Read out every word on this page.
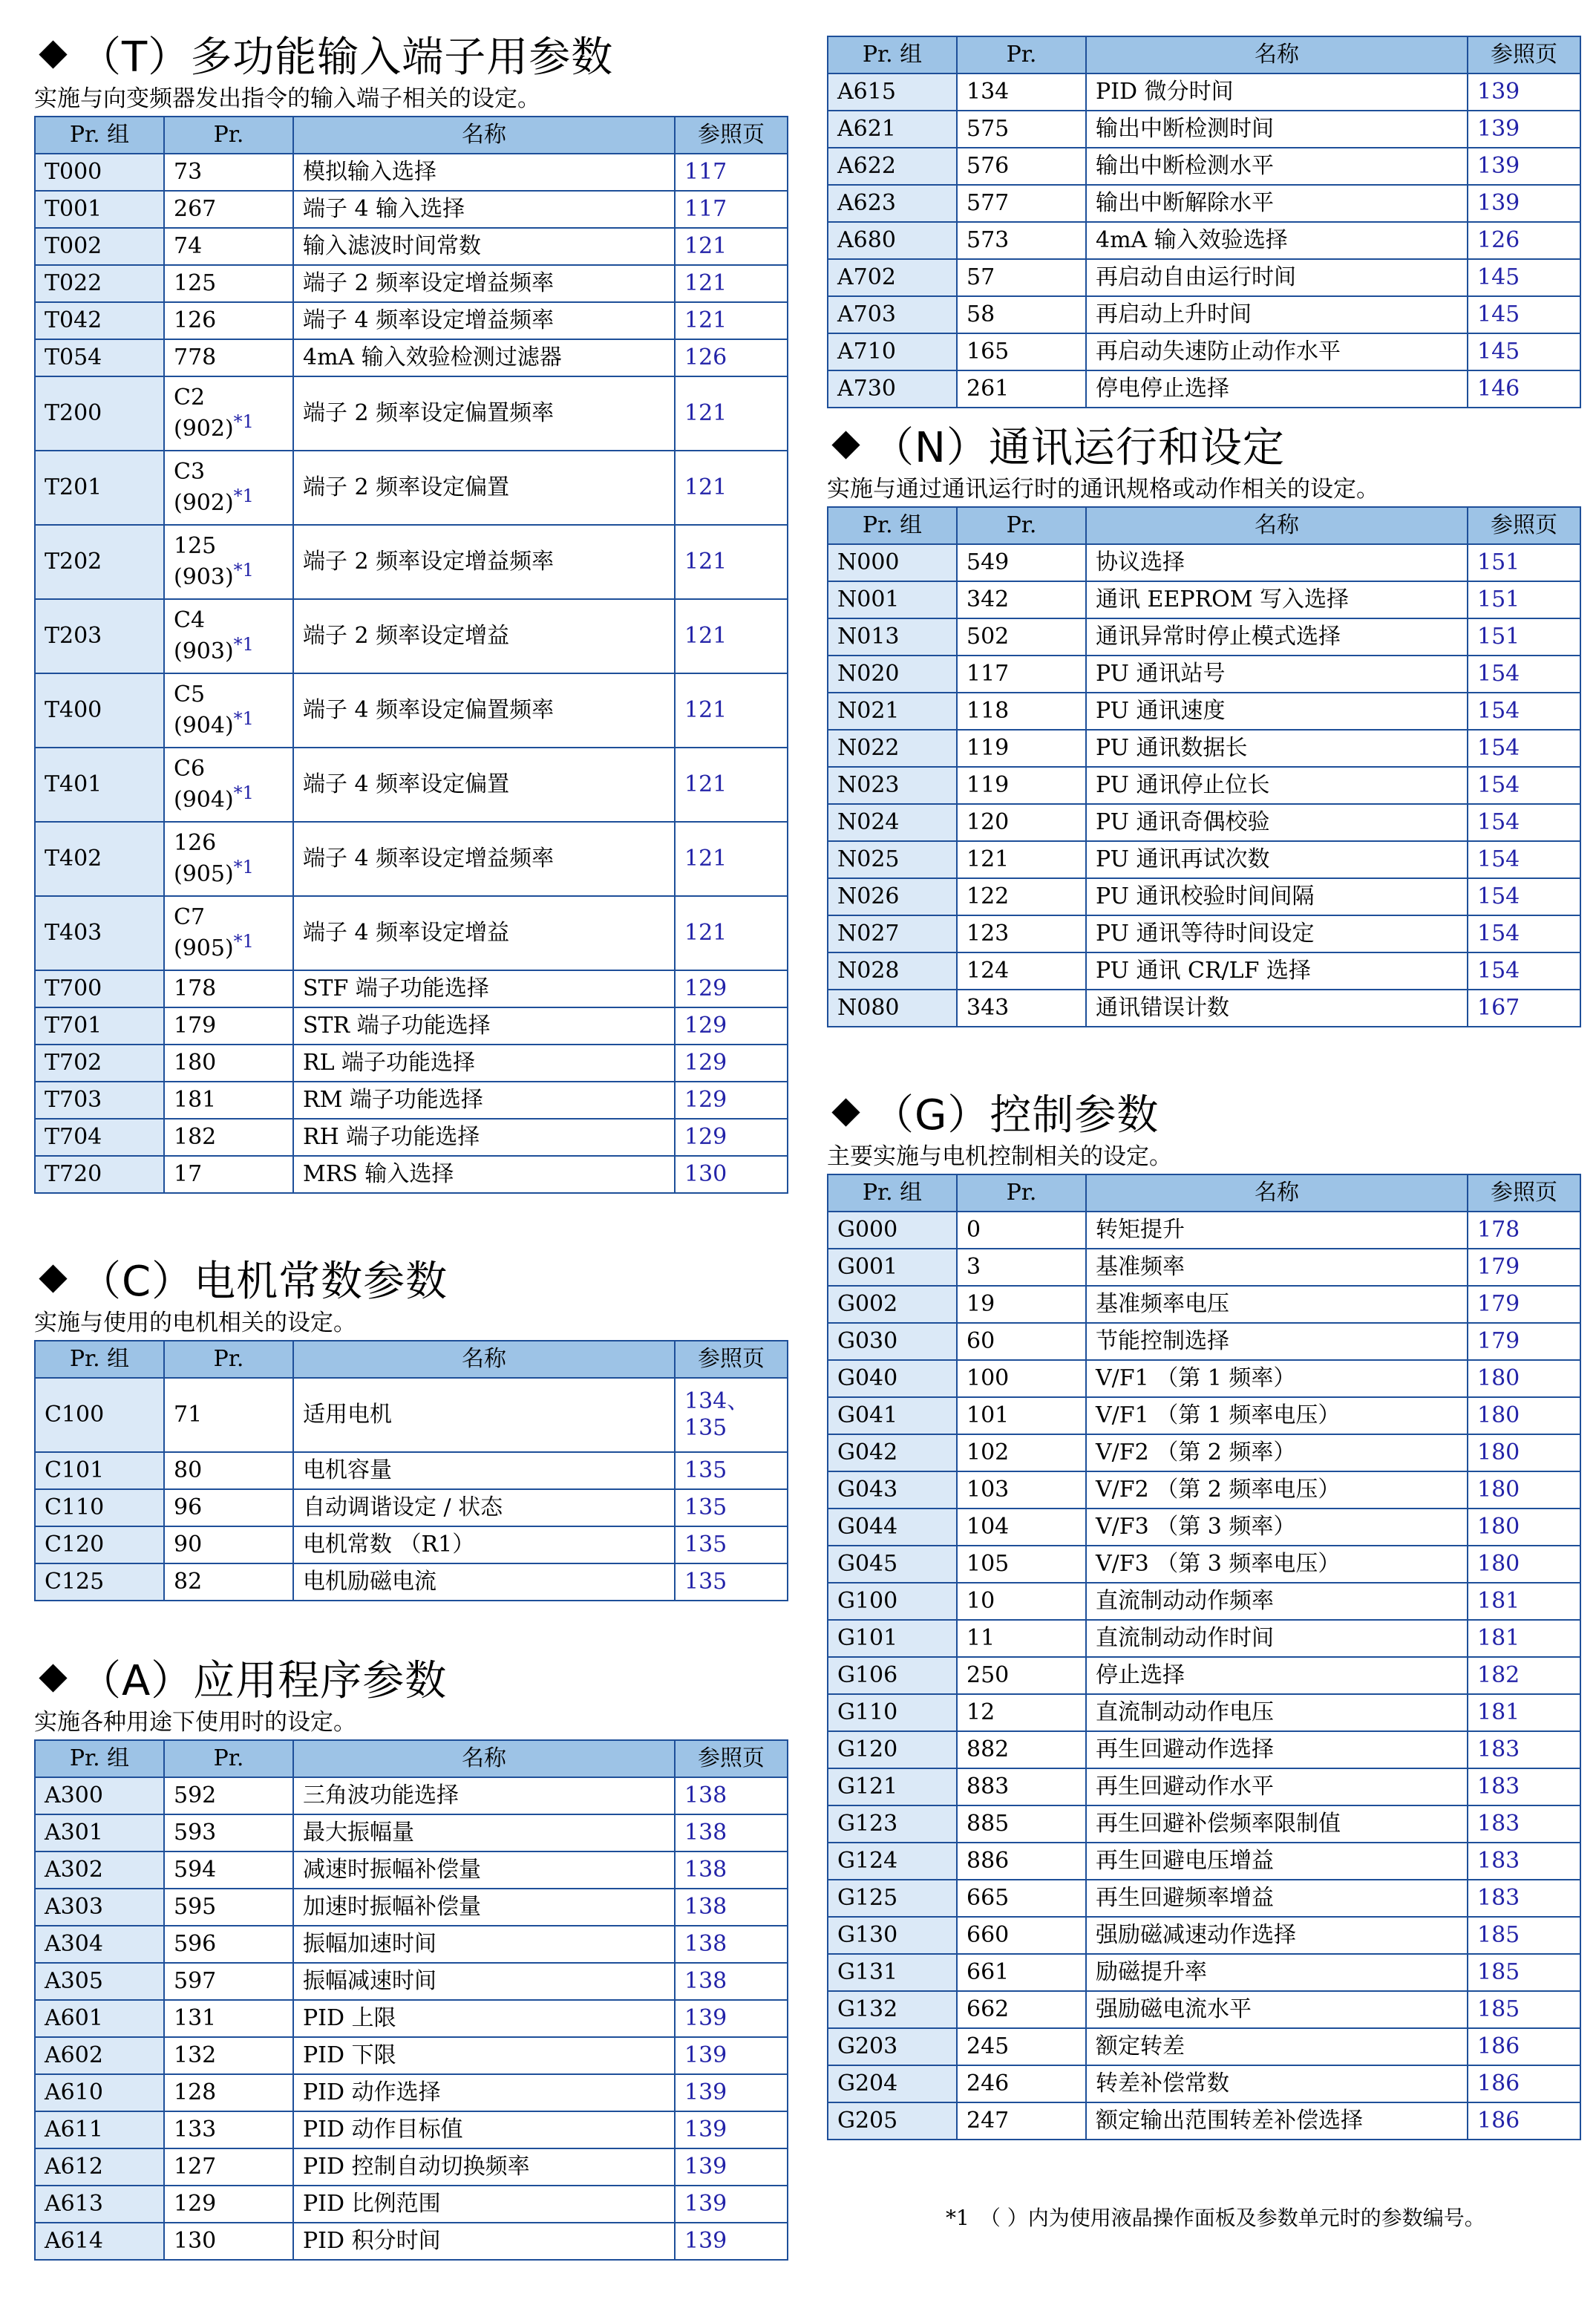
（T）多功能输入端子用参数
实施与向变频器发出指令的输入端子相关的设定。
Pr. 组	Pr.	名称	参照页
T000	73	模拟输入选择	117
T001	267	端子 4 输入选择	117
T002	74	输入滤波时间常数	121
T022	125	端子 2 频率设定增益频率	121
T042	126	端子 4 频率设定增益频率	121
T054	778	4mA 输入效验检测过滤器	126
T200	C2
$(902)^{*1}$	端子 2 频率设定偏置频率	121
T201	C3
$(902)^{*1}$	端子 2 频率设定偏置	121
T202	125
$(903)^{*1}$	端子 2 频率设定增益频率	121
T203	C4
$(903)^{*1}$	端子 2 频率设定增益	121
T400	C5
$(904)^{*1}$	端子 4 频率设定偏置频率	121
T401	C6
$(904)^{*1}$	端子 4 频率设定偏置	121
T402	126
$(905)^{*1}$	端子 4 频率设定增益频率	121
T403	C7
$(905)^{*1}$	端子 4 频率设定增益	121
T700	178	STF 端子功能选择	129
T701	179	STR 端子功能选择	129
T702	180	RL 端子功能选择	129
T703	181	RM 端子功能选择	129
T704	182	RH 端子功能选择	129
T720	17	MRS 输入选择	130
（C）电机常数参数
实施与使用的电机相关的设定。
Pr. 组	Pr.	名称	参照页
C100	71	适用电机	134、
135

C101	80	电机容量	135
C110	96	自动调谐设定 / 状态	135
C120	90	电机常数 （R1）	135
C125	82	电机励磁电流	135
（A）应用程序参数
实施各种用途下使用时的设定。
Pr. 组	Pr.	名称	参照页
A300	592	三角波功能选择	138
A301	593	最大振幅量	138
A302	594	减速时振幅补偿量	138
A303	595	加速时振幅补偿量	138
A304	596	振幅加速时间	138
A305	597	振幅减速时间	138
A601	131	PID 上限	139
A602	132	PID 下限	139
A610	128	PID 动作选择	139
A611	133	PID 动作目标值	139
A612	127	PID 控制自动切换频率	139
A613	129	PID 比例范围	139
A614	130	PID 积分时间	139
Pr. 组	Pr.	名称	参照页
A615	134	PID 微分时间	139
A621	575	输出中断检测时间	139
A622	576	输出中断检测水平	139
A623	577	输出中断解除水平	139
A680	573	4mA 输入效验选择	126
A702	57	再启动自由运行时间	145
A703	58	再启动上升时间	145
A710	165	再启动失速防止动作水平	145
A730	261	停电停止选择	146
（N）通讯运行和设定
实施与通过通讯运行时的通讯规格或动作相关的设定。
Pr. 组	Pr.	名称	参照页
N000	549	协议选择	151
N001	342	通讯 EEPROM 写入选择	151
N013	502	通讯异常时停止模式选择	151
N020	117	PU 通讯站号	154
N021	118	PU 通讯速度	154
N022	119	PU 通讯数据长	154
N023	119	PU 通讯停止位长	154
N024	120	PU 通讯奇偶校验	154
N025	121	PU 通讯再试次数	154
N026	122	PU 通讯校验时间间隔	154
N027	123	PU 通讯等待时间设定	154
N028	124	PU 通讯 CR/LF 选择	154
N080	343	通讯错误计数	167
（G）控制参数
主要实施与电机控制相关的设定。
Pr. 组	Pr.	名称	参照页
G000	0	转矩提升	178
G001	3	基准频率	179
G002	19	基准频率电压	179
G030	60	节能控制选择	179
G040	100	V/F1 （第 1 频率）	180
G041	101	V/F1 （第 1 频率电压）	180
G042	102	V/F2 （第 2 频率）	180
G043	103	V/F2 （第 2 频率电压）	180
G044	104	V/F3 （第 3 频率）	180
G045	105	V/F3 （第 3 频率电压）	180
G100	10	直流制动动作频率	181
G101	11	直流制动动作时间	181
G106	250	停止选择	182
G110	12	直流制动动作电压	181
G120	882	再生回避动作选择	183
G121	883	再生回避动作水平	183
G123	885	再生回避补偿频率限制值	183
G124	886	再生回避电压增益	183
G125	665	再生回避频率增益	183
G130	660	强励磁减速动作选择	185
G131	661	励磁提升率	185
G132	662	强励磁电流水平	185
G203	245	额定转差	186
G204	246	转差补偿常数	186
G205	247	额定输出范围转差补偿选择	186
*1　（ ）内为使用液晶操作面板及参数单元时的参数编号。
